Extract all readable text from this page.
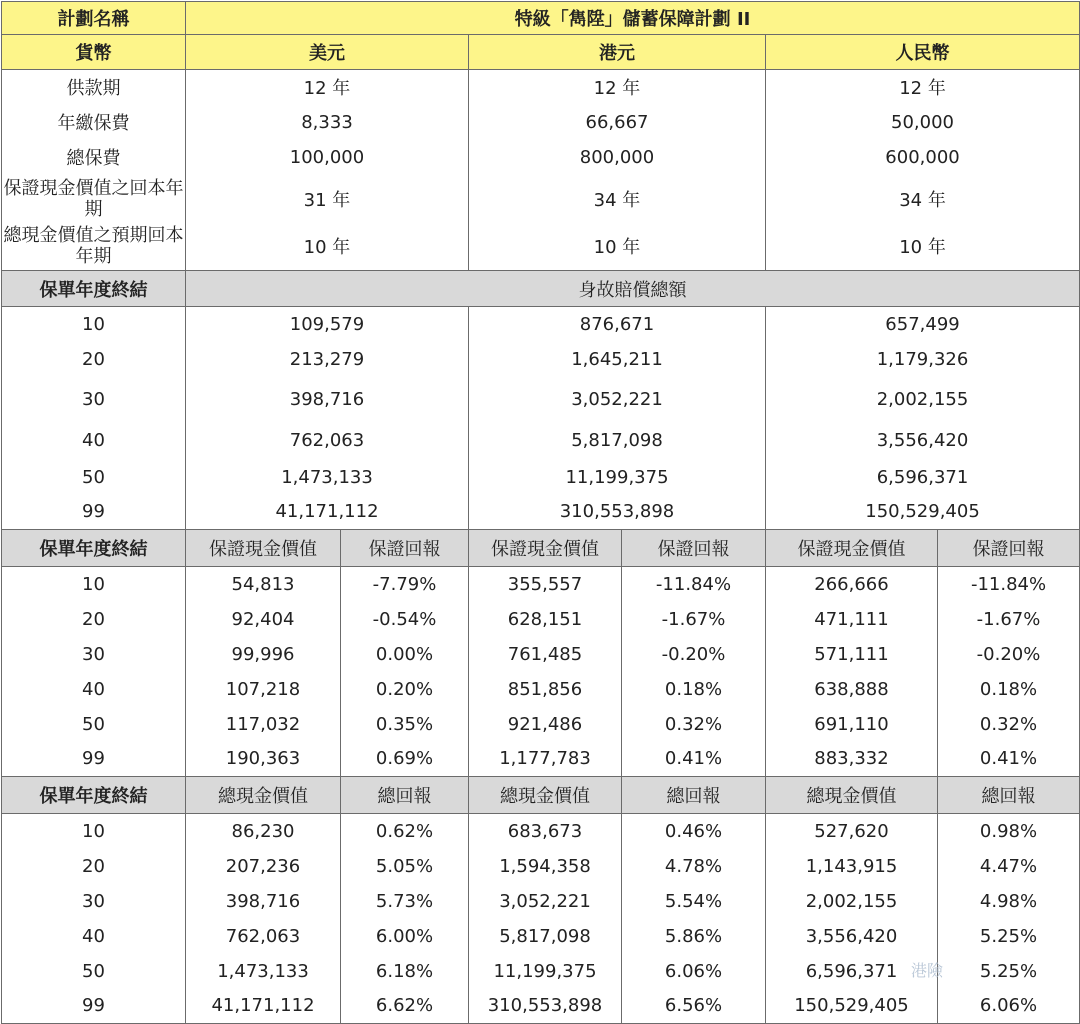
計劃名稱	特級「雋陞」儲蓄保障計劃 II					
貨幣	美元		港元		人民幣	
供款期	12 年		12 年		12 年	
年繳保費	8,333		66,667		50,000	
總保費	100,000		800,000		600,000	
保證現金價值之回本年期	31 年		34 年		34 年	
總現金價值之預期回本年期	10 年		10 年		10 年	
保單年度終結	身故賠償總額					
10	109,579		876,671		657,499	
20	213,279		1,645,211		1,179,326	
30	398,716		3,052,221		2,002,155	
40	762,063		5,817,098		3,556,420	
50	1,473,133		11,199,375		6,596,371	
99	41,171,112		310,553,898		150,529,405	
保單年度終結	保證現金價值	保證回報	保證現金價值	保證回報	保證現金價值	保證回報
10	54,813	-7.79%	355,557	-11.84%	266,666	-11.84%
20	92,404	-0.54%	628,151	-1.67%	471,111	-1.67%
30	99,996	0.00%	761,485	-0.20%	571,111	-0.20%
40	107,218	0.20%	851,856	0.18%	638,888	0.18%
50	117,032	0.35%	921,486	0.32%	691,110	0.32%
99	190,363	0.69%	1,177,783	0.41%	883,332	0.41%
保單年度終結	總現金價值	總回報	總現金價值	總回報	總現金價值	總回報
10	86,230	0.62%	683,673	0.46%	527,620	0.98%
20	207,236	5.05%	1,594,358	4.78%	1,143,915	4.47%
30	398,716	5.73%	3,052,221	5.54%	2,002,155	4.98%
40	762,063	6.00%	5,817,098	5.86%	3,556,420	5.25%
50	1,473,133	6.18%	11,199,375	6.06%	6,596,371	5.25%
99	41,171,112	6.62%	310,553,898	6.56%	150,529,405	6.06%
港險
